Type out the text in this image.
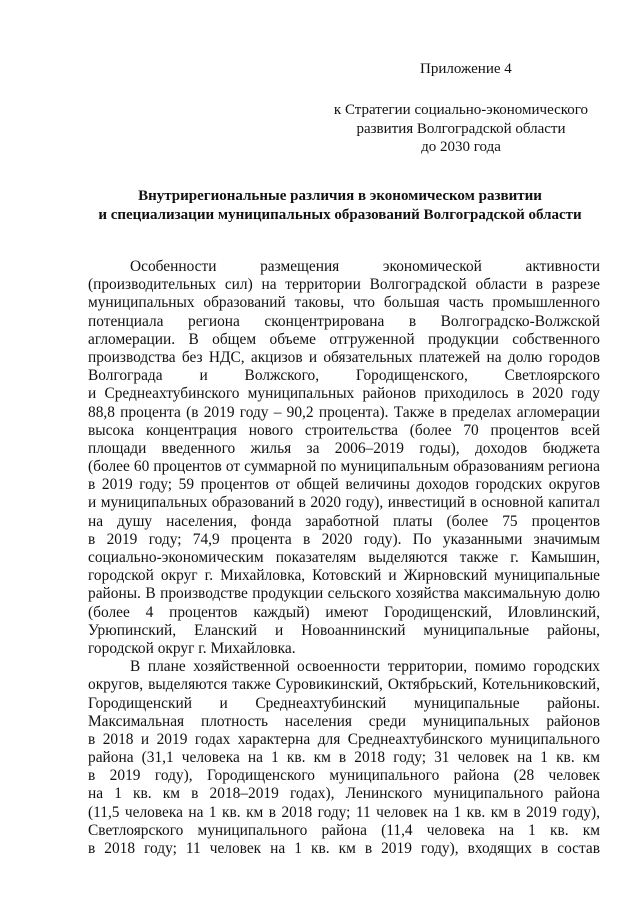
Приложение 4
к Стратегии социально-экономического
развития Волгоградской области
до 2030 года
Внутрирегиональные различия в экономическом развитии
и специализации муниципальных образований Волгоградской области
Особенности размещения экономической активности
(производительных сил) на территории Волгоградской области в разрезе
муниципальных образований таковы, что большая часть промышленного
потенциала региона сконцентрирована в Волгоградско-Волжской
агломерации. В общем объеме отгруженной продукции собственного
производства без НДС, акцизов и обязательных платежей на долю городов
Волгограда и Волжского, Городищенского, Светлоярского
и Среднеахтубинского муниципальных районов приходилось в 2020 году
88,8 процента (в 2019 году – 90,2 процента). Также в пределах агломерации
высока концентрация нового строительства (более 70 процентов всей
площади введенного жилья за 2006–2019 годы), доходов бюджета
(более 60 процентов от суммарной по муниципальным образованиям региона
в 2019 году; 59 процентов от общей величины доходов городских округов
и муниципальных образований в 2020 году), инвестиций в основной капитал
на душу населения, фонда заработной платы (более 75 процентов
в 2019 году; 74,9 процента в 2020 году). По указанными значимым
социально-экономическим показателям выделяются также г. Камышин,
городской округ г. Михайловка, Котовский и Жирновский муниципальные
районы. В производстве продукции сельского хозяйства максимальную долю
(более 4 процентов каждый) имеют Городищенский, Иловлинский,
Урюпинский, Еланский и Новоаннинский муниципальные районы,
городской округ г. Михайловка.
В плане хозяйственной освоенности территории, помимо городских
округов, выделяются также Суровикинский, Октябрьский, Котельниковский,
Городищенский и Среднеахтубинский муниципальные районы.
Максимальная плотность населения среди муниципальных районов
в 2018 и 2019 годах характерна для Среднеахтубинского муниципального
района (31,1 человека на 1 кв. км в 2018 году; 31 человек на 1 кв. км
в 2019 году), Городищенского муниципального района (28 человек
на 1 кв. км в 2018–2019 годах), Ленинского муниципального района
(11,5 человека на 1 кв. км в 2018 году; 11 человек на 1 кв. км в 2019 году),
Светлоярского муниципального района (11,4 человека на 1 кв. км
в 2018 году; 11 человек на 1 кв. км в 2019 году), входящих в состав
